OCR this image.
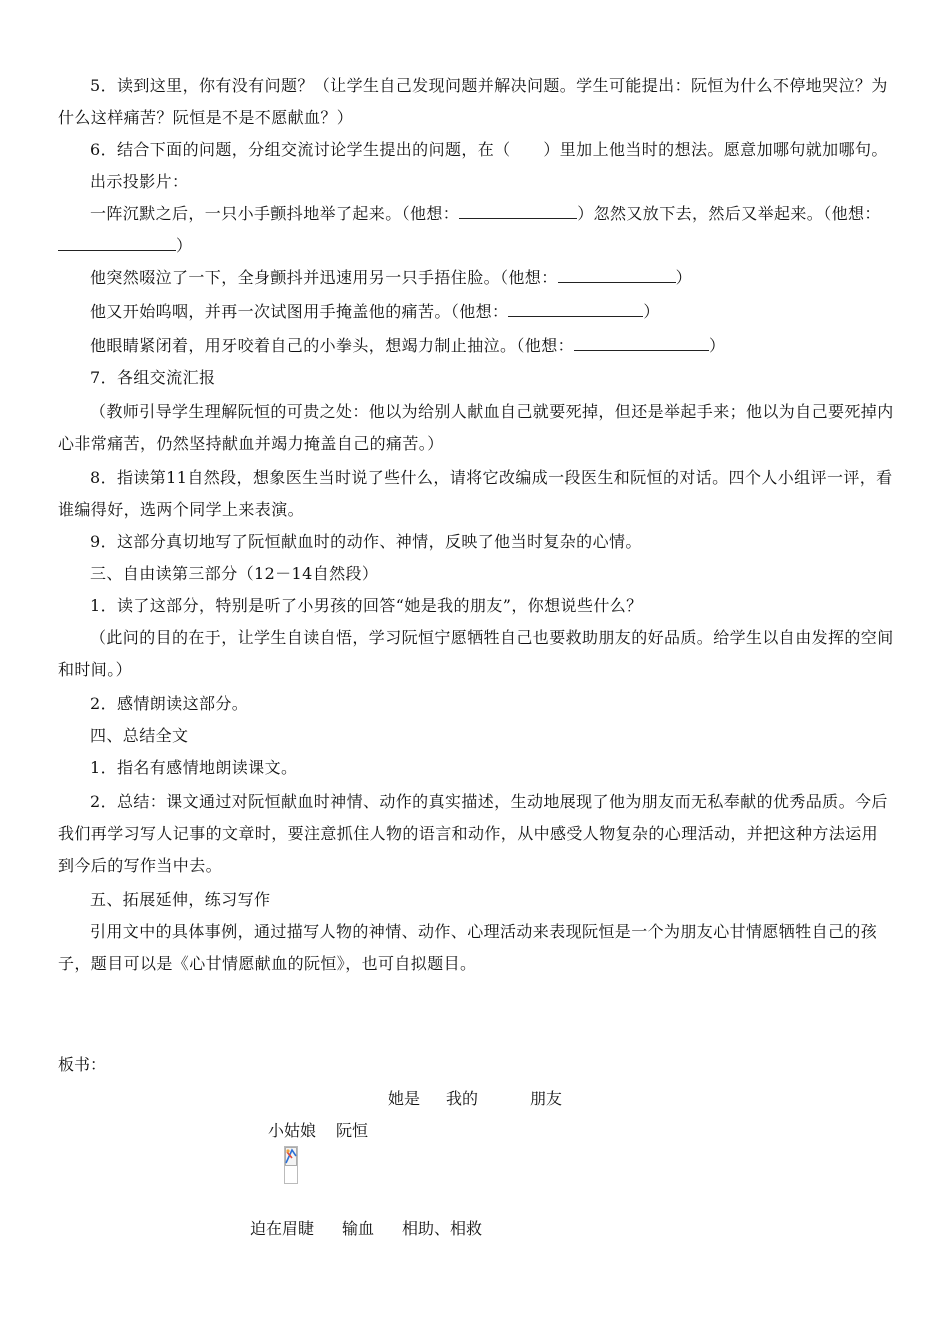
5．读到这里，你有没有问题？（让学生自己发现问题并解决问题。学生可能提出：阮恒为什么不停地哭泣？为什么这样痛苦？阮恒是不是不愿献血？）

6．结合下面的问题，分组交流讨论学生提出的问题，在（　　）里加上他当时的想法。愿意加哪句就加哪句。

出示投影片：

一阵沉默之后，一只小手颤抖地举了起来。（他想：	）忽然又放下去，然后又举起来。（他想：）

他突然啜泣了一下，全身颤抖并迅速用另一只手捂住脸。（他想：	）

他又开始呜咽，并再一次试图用手掩盖他的痛苦。（他想：	）

他眼睛紧闭着，用牙咬着自己的小拳头，想竭力制止抽泣。（他想：	）

7．各组交流汇报

（教师引导学生理解阮恒的可贵之处：他以为给别人献血自己就要死掉，但还是举起手来；他以为自己要死掉内心非常痛苦，仍然坚持献血并竭力掩盖自己的痛苦。）

8．指读第11自然段，想象医生当时说了些什么，请将它改编成一段医生和阮恒的对话。四个人小组评一评，看谁编得好，选两个同学上来表演。

9．这部分真切地写了阮恒献血时的动作、神情，反映了他当时复杂的心情。

三、自由读第三部分（12－14自然段）

1．读了这部分，特别是听了小男孩的回答“她是我的朋友”，你想说些什么？

（此问的目的在于，让学生自读自悟，学习阮恒宁愿牺牲自己也要救助朋友的好品质。给学生以自由发挥的空间和时间。）

2．感情朗读这部分。

四、总结全文

1．指名有感情地朗读课文。

2．总结：课文通过对阮恒献血时神情、动作的真实描述，生动地展现了他为朋友而无私奉献的优秀品质。今后我们再学习写人记事的文章时，要注意抓住人物的语言和动作，从中感受人物复杂的心理活动，并把这种方法运用到今后的写作当中去。

五、拓展延伸，练习写作

引用文中的具体事例，通过描写人物的神情、动作、心理活动来表现阮恒是一个为朋友心甘情愿牺牲自己的孩子，题目可以是《心甘情愿献血的阮恒》，也可自拟题目。

板书：
她是 我的	朋友
小姑娘 阮恒
迫在眉睫 输血 相助、相救
